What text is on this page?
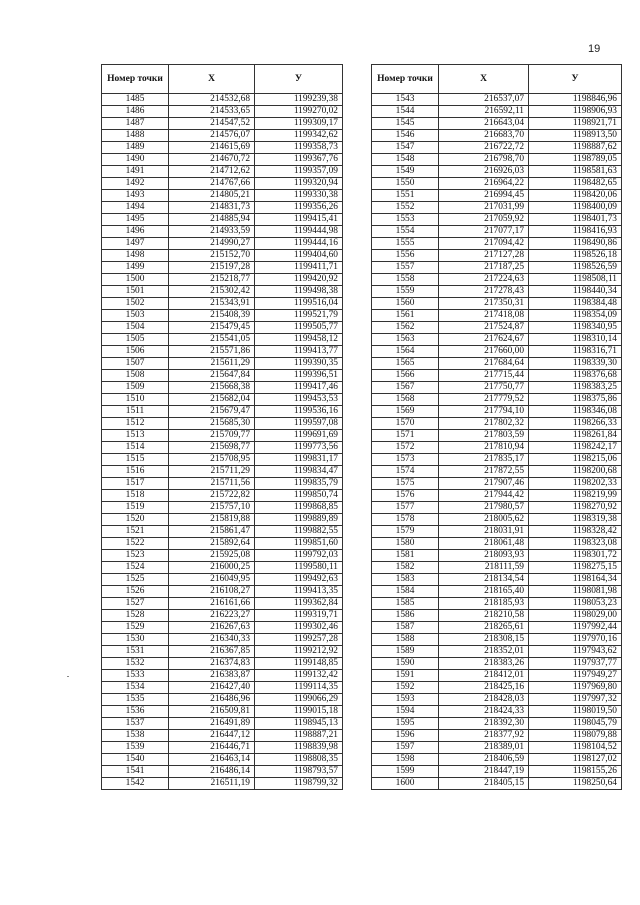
19
Номер точки	X	У
1485	214532,68	1199239,38
1486	214533,65	1199270,02
1487	214547,52	1199309,17
1488	214576,07	1199342,62
1489	214615,69	1199358,73
1490	214670,72	1199367,76
1491	214712,62	1199357,09
1492	214767,66	1199320,94
1493	214805,21	1199330,38
1494	214831,73	1199356,26
1495	214885,94	1199415,41
1496	214933,59	1199444,98
1497	214990,27	1199444,16
1498	215152,70	1199404,60
1499	215197,28	1199411,71
1500	215218,77	1199420,92
1501	215302,42	1199498,38
1502	215343,91	1199516,04
1503	215408,39	1199521,79
1504	215479,45	1199505,77
1505	215541,05	1199458,12
1506	215571,86	1199413,77
1507	215611,29	1199390,35
1508	215647,84	1199396,51
1509	215668,38	1199417,46
1510	215682,04	1199453,53
1511	215679,47	1199536,16
1512	215685,30	1199597,08
1513	215709,77	1199691,69
1514	215698,77	1199773,56
1515	215708,95	1199831,17
1516	215711,29	1199834,47
1517	215711,56	1199835,79
1518	215722,82	1199850,74
1519	215757,10	1199868,85
1520	215819,88	1199889,89
1521	215861,47	1199882,55
1522	215892,64	1199851,60
1523	215925,08	1199792,03
1524	216000,25	1199580,11
1525	216049,95	1199492,63
1526	216108,27	1199413,35
1527	216161,66	1199362,84
1528	216223,27	1199319,71
1529	216267,63	1199302,46
1530	216340,33	1199257,28
1531	216367,85	1199212,92
1532	216374,83	1199148,85
1533	216383,87	1199132,42
1534	216427,40	1199114,35
1535	216486,96	1199066,29
1536	216509,81	1199015,18
1537	216491,89	1198945,13
1538	216447,12	1198887,21
1539	216446,71	1198839,98
1540	216463,14	1198808,35
1541	216486,14	1198793,57
1542	216511,19	1198799,32
Номер точки	X	У
1543	216537,07	1198846,96
1544	216592,11	1198906,93
1545	216643,04	1198921,71
1546	216683,70	1198913,50
1547	216722,72	1198887,62
1548	216798,70	1198789,05
1549	216926,03	1198581,63
1550	216964,22	1198482,65
1551	216994,45	1198420,06
1552	217031,99	1198400,09
1553	217059,92	1198401,73
1554	217077,17	1198416,93
1555	217094,42	1198490,86
1556	217127,28	1198526,18
1557	217187,25	1198526,59
1558	217224,63	1198508,11
1559	217278,43	1198440,34
1560	217350,31	1198384,48
1561	217418,08	1198354,09
1562	217524,87	1198340,95
1563	217624,67	1198310,14
1564	217660,00	1198316,71
1565	217684,64	1198339,30
1566	217715,44	1198376,68
1567	217750,77	1198383,25
1568	217779,52	1198375,86
1569	217794,10	1198346,08
1570	217802,32	1198266,33
1571	217803,59	1198261,84
1572	217810,94	1198242,17
1573	217835,17	1198215,06
1574	217872,55	1198200,68
1575	217907,46	1198202,33
1576	217944,42	1198219,99
1577	217980,57	1198270,92
1578	218005,62	1198319,38
1579	218031,91	1198328,42
1580	218061,48	1198323,08
1581	218093,93	1198301,72
1582	218111,59	1198275,15
1583	218134,54	1198164,34
1584	218165,40	1198081,98
1585	218185,93	1198053,23
1586	218210,58	1198029,00
1587	218265,61	1197992,44
1588	218308,15	1197970,16
1589	218352,01	1197943,62
1590	218383,26	1197937,77
1591	218412,01	1197949,27
1592	218425,16	1197969,80
1593	218428,03	1197997,32
1594	218424,33	1198019,50
1595	218392,30	1198045,79
1596	218377,92	1198079,88
1597	218389,01	1198104,52
1598	218406,59	1198127,02
1599	218447,19	1198155,26
1600	218405,15	1198250,64
